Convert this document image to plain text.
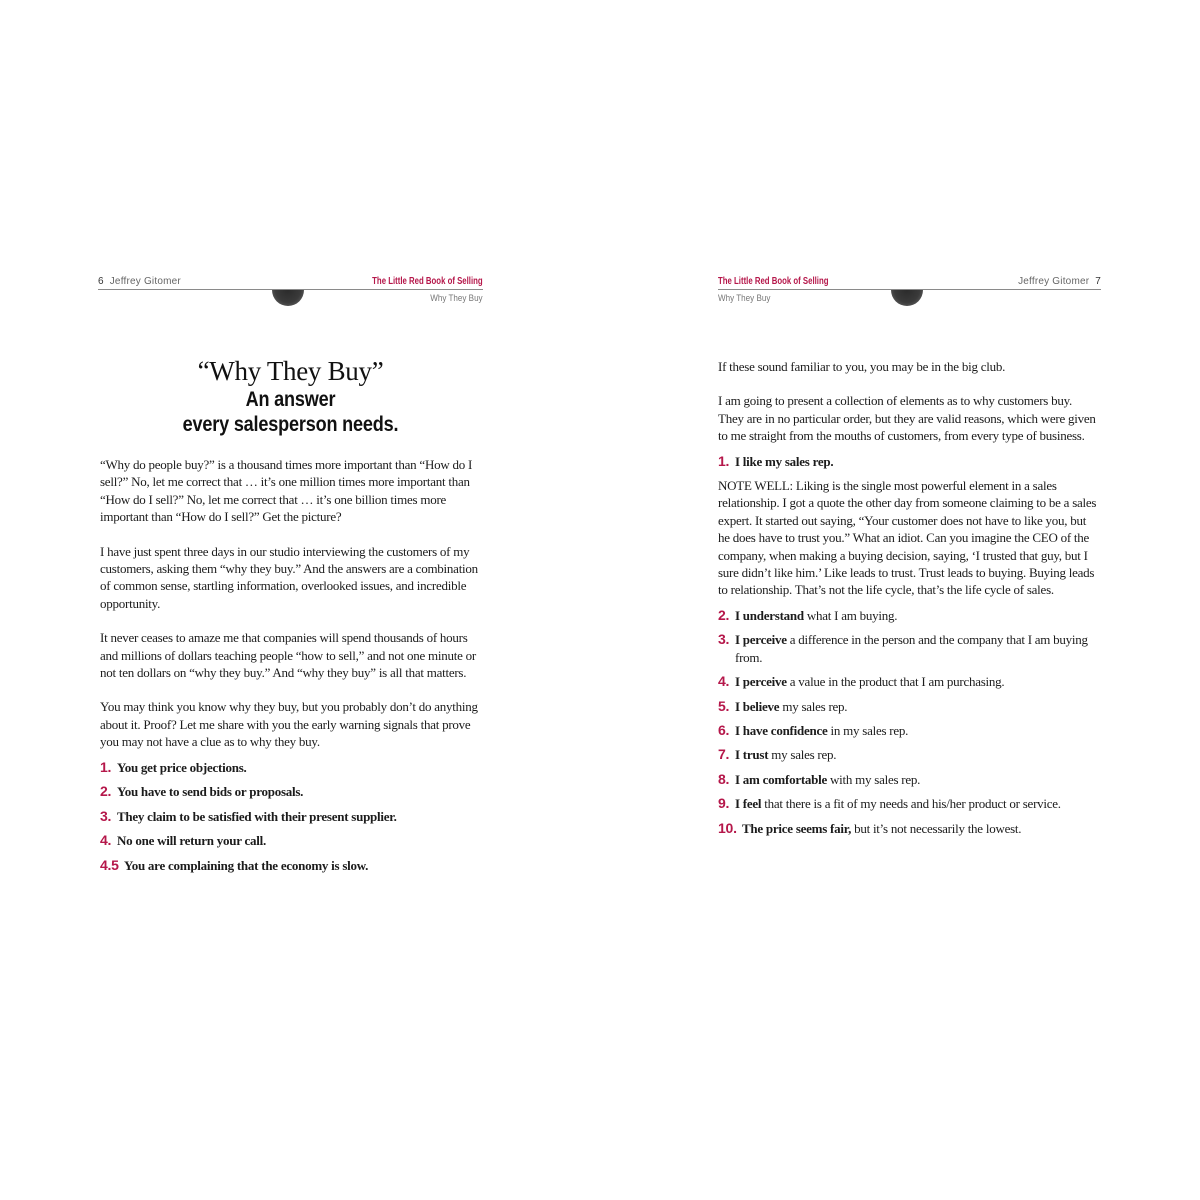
6 Jeffrey Gitomer	The Little Red Book of Selling
Why They Buy
“Why They Buy”
An answer
every salesperson needs.

“Why do people buy?” is a thousand times more important than “How do I sell?” No, let me correct that … it’s one million times more important than “How do I sell?” No, let me correct that … it’s one billion times more important than “How do I sell?” Get the picture?

I have just spent three days in our studio interviewing the customers of my customers, asking them “why they buy.” And the answers are a combination of common sense, startling information, overlooked issues, and incredible opportunity.

It never ceases to amaze me that companies will spend thousands of hours and millions of dollars teaching people “how to sell,” and not one minute or not ten dollars on “why they buy.” And “why they buy” is all that matters.

You may think you know why they buy, but you probably don’t do anything about it. Proof? Let me share with you the early warning signals that prove you may not have a clue as to why they buy.

1. You get price objections.
2. You have to send bids or proposals.
3. They claim to be satisfied with their present supplier.
4. No one will return your call.
4.5 You are complaining that the economy is slow.
The Little Red Book of Selling	Jeffrey Gitomer 7
Why They Buy

If these sound familiar to you, you may be in the big club.

I am going to present a collection of elements as to why customers buy. They are in no particular order, but they are valid reasons, which were given to me straight from the mouths of customers, from every type of business.

1. I like my sales rep.

NOTE WELL: Liking is the single most powerful element in a sales relationship. I got a quote the other day from someone claiming to be a sales expert. It started out saying, “Your customer does not have to like you, but he does have to trust you.” What an idiot. Can you imagine the CEO of the company, when making a buying decision, saying, ‘I trusted that guy, but I sure didn’t like him.’ Like leads to trust. Trust leads to buying. Buying leads to relationship. That’s not the life cycle, that’s the life cycle of sales.

2. I understand what I am buying.
3. I perceive a difference in the person and the company that I am buying from.
4. I perceive a value in the product that I am purchasing.
5. I believe my sales rep.
6. I have confidence in my sales rep.
7. I trust my sales rep.
8. I am comfortable with my sales rep.
9. I feel that there is a fit of my needs and his/her product or service.
10. The price seems fair, but it’s not necessarily the lowest.
